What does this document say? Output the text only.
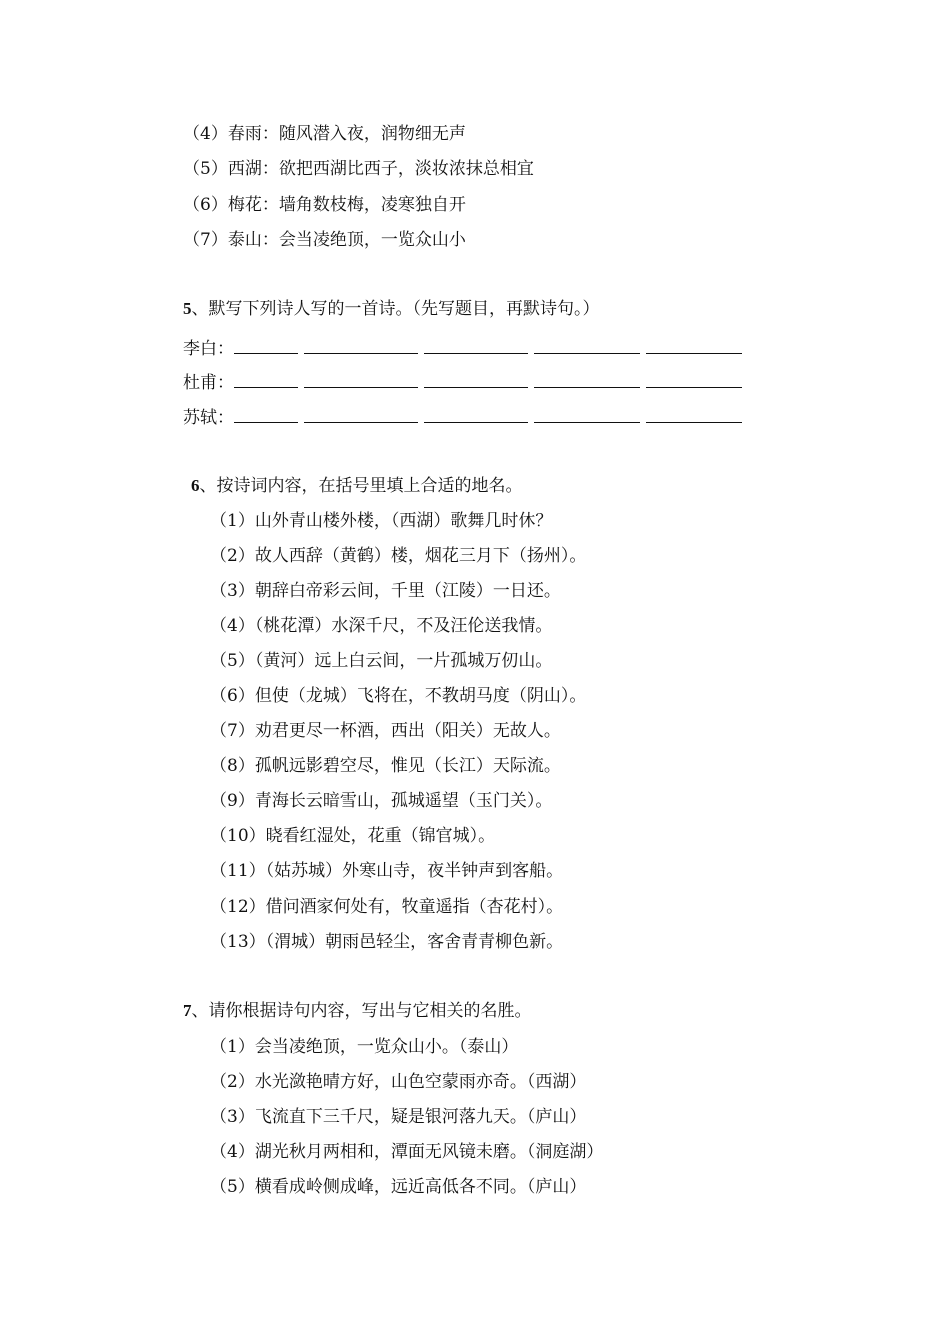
（4）春雨：随风潜入夜，润物细无声
（5）西湖：欲把西湖比西子，淡妆浓抹总相宜
（6）梅花：墙角数枝梅，凌寒独自开
（7）泰山：会当凌绝顶，一览众山小
5、默写下列诗人写的一首诗。（先写题目，再默诗句。）
李白：
杜甫：
苏轼：
6、按诗词内容，在括号里填上合适的地名。
（1）山外青山楼外楼，（西湖）歌舞几时休？
（2）故人西辞（黄鹤）楼，烟花三月下（扬州）。
（3）朝辞白帝彩云间，千里（江陵）一日还。
（4）（桃花潭）水深千尺，不及汪伦送我情。
（5）（黄河）远上白云间，一片孤城万仞山。
（6）但使（龙城）飞将在，不教胡马度（阴山）。
（7）劝君更尽一杯酒，西出（阳关）无故人。
（8）孤帆远影碧空尽，惟见（长江）天际流。
（9）青海长云暗雪山，孤城遥望（玉门关）。
（10）晓看红湿处，花重（锦官城）。
（11）（姑苏城）外寒山寺，夜半钟声到客船。
（12）借问酒家何处有，牧童遥指（杏花村）。
（13）（渭城）朝雨邑轻尘，客舍青青柳色新。
7、请你根据诗句内容，写出与它相关的名胜。
（1）会当凌绝顶，一览众山小。（泰山）
（2）水光潋艳晴方好，山色空蒙雨亦奇。（西湖）
（3）飞流直下三千尺，疑是银河落九天。（庐山）
（4）湖光秋月两相和，潭面无风镜未磨。（洞庭湖）
（5）横看成岭侧成峰，远近高低各不同。（庐山）
